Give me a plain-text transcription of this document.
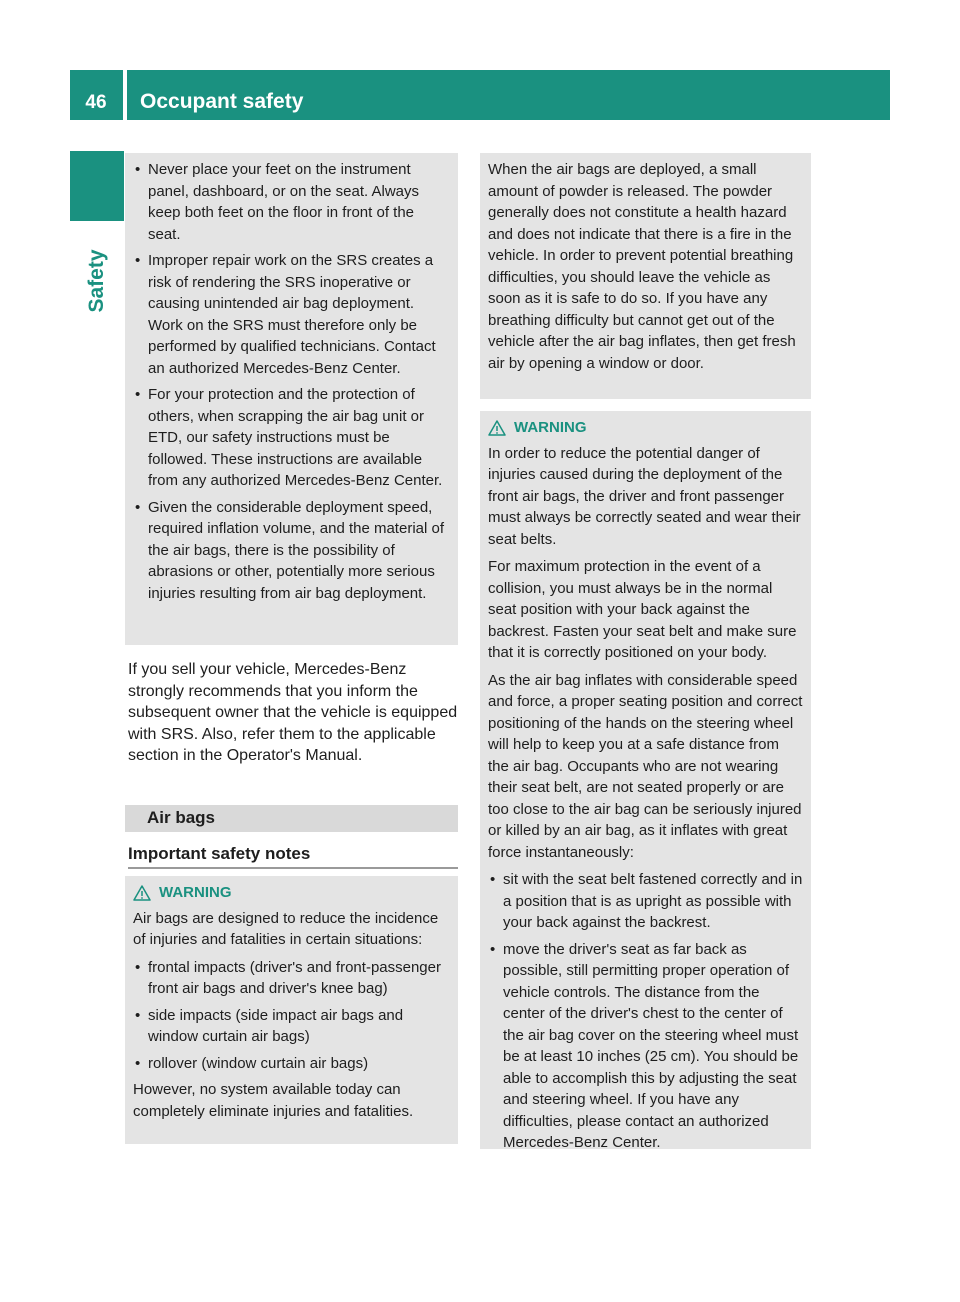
46	Occupant safety
Safety
• Never place your feet on the instrument panel, dashboard, or on the seat. Always keep both feet on the floor in front of the seat.
• Improper repair work on the SRS creates a risk of rendering the SRS inoperative or causing unintended air bag deployment. Work on the SRS must therefore only be performed by qualified technicians. Contact an authorized Mercedes-Benz Center.
• For your protection and the protection of others, when scrapping the air bag unit or ETD, our safety instructions must be followed. These instructions are available from any authorized Mercedes-Benz Center.
• Given the considerable deployment speed, required inflation volume, and the material of the air bags, there is the possibility of abrasions or other, potentially more serious injuries resulting from air bag deployment.
If you sell your vehicle, Mercedes-Benz strongly recommends that you inform the subsequent owner that the vehicle is equipped with SRS. Also, refer them to the applicable section in the Operator's Manual.
Air bags
Important safety notes
WARNING

Air bags are designed to reduce the incidence of injuries and fatalities in certain situations:

• frontal impacts (driver's and front-passenger front air bags and driver's knee bag)
• side impacts (side impact air bags and window curtain air bags)
• rollover (window curtain air bags)

However, no system available today can completely eliminate injuries and fatalities.

When the air bags are deployed, a small amount of powder is released. The powder generally does not constitute a health hazard and does not indicate that there is a fire in the vehicle. In order to prevent potential breathing difficulties, you should leave the vehicle as soon as it is safe to do so. If you have any breathing difficulty but cannot get out of the vehicle after the air bag inflates, then get fresh air by opening a window or door.

WARNING

In order to reduce the potential danger of injuries caused during the deployment of the front air bags, the driver and front passenger must always be correctly seated and wear their seat belts.

For maximum protection in the event of a collision, you must always be in the normal seat position with your back against the backrest. Fasten your seat belt and make sure that it is correctly positioned on your body.

As the air bag inflates with considerable speed and force, a proper seating position and correct positioning of the hands on the steering wheel will help to keep you at a safe distance from the air bag. Occupants who are not wearing their seat belt, are not seated properly or are too close to the air bag can be seriously injured or killed by an air bag, as it inflates with great force instantaneously:

• sit with the seat belt fastened correctly and in a position that is as upright as possible with your back against the backrest.
• move the driver's seat as far back as possible, still permitting proper operation of vehicle controls. The distance from the center of the driver's chest to the center of the air bag cover on the steering wheel must be at least 10 inches (25 cm). You should be able to accomplish this by adjusting the seat and steering wheel. If you have any difficulties, please contact an authorized Mercedes-Benz Center.
